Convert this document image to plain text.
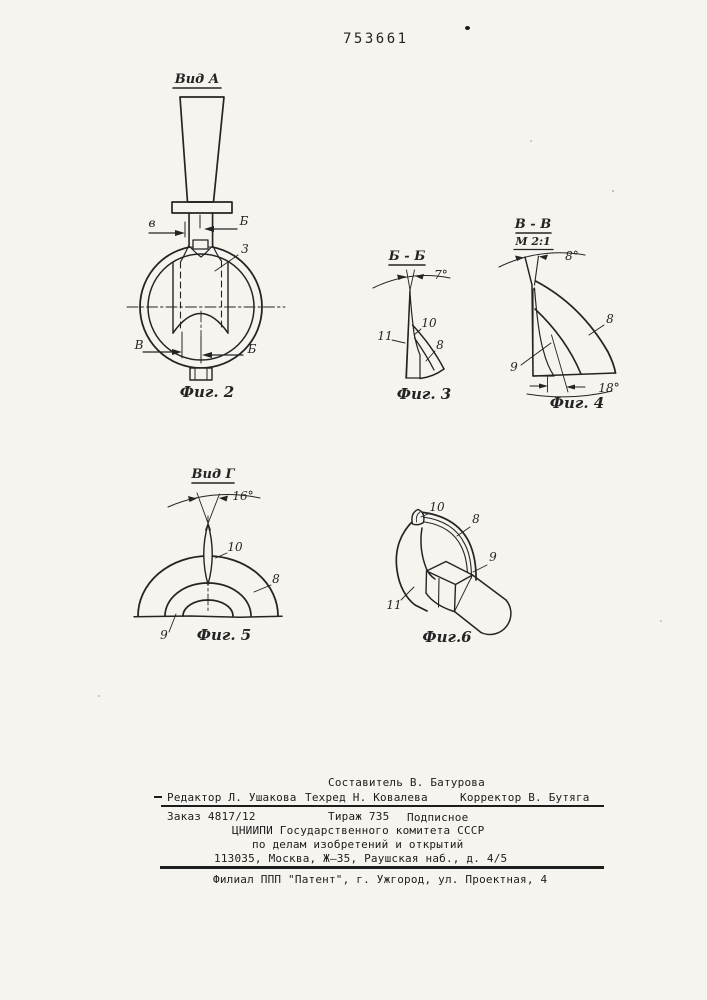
753661
Вид А
в	Б
В	Б
3
Фиг. 2
Б - Б
7°
10
11
8
Фиг. 3
В - В
М 2:1
8°
18°
8
9
Фиг. 4
Вид Г
16°
10
8
9 Фиг. 5
10
8
9
11
Фиг.6
Составитель В. Батурова
Редактор Л. Ушакова Техред Н. Ковалева	Корректор В. Бутяга
Заказ 4817/12	Тираж 735 Подписное
ЦНИИПИ Государственного комитета СССР
по делам изобретений и открытий
113035, Москва, Ж—35, Раушская наб., д. 4/5
Филиал ППП "Патент", г. Ужгород, ул. Проектная, 4
